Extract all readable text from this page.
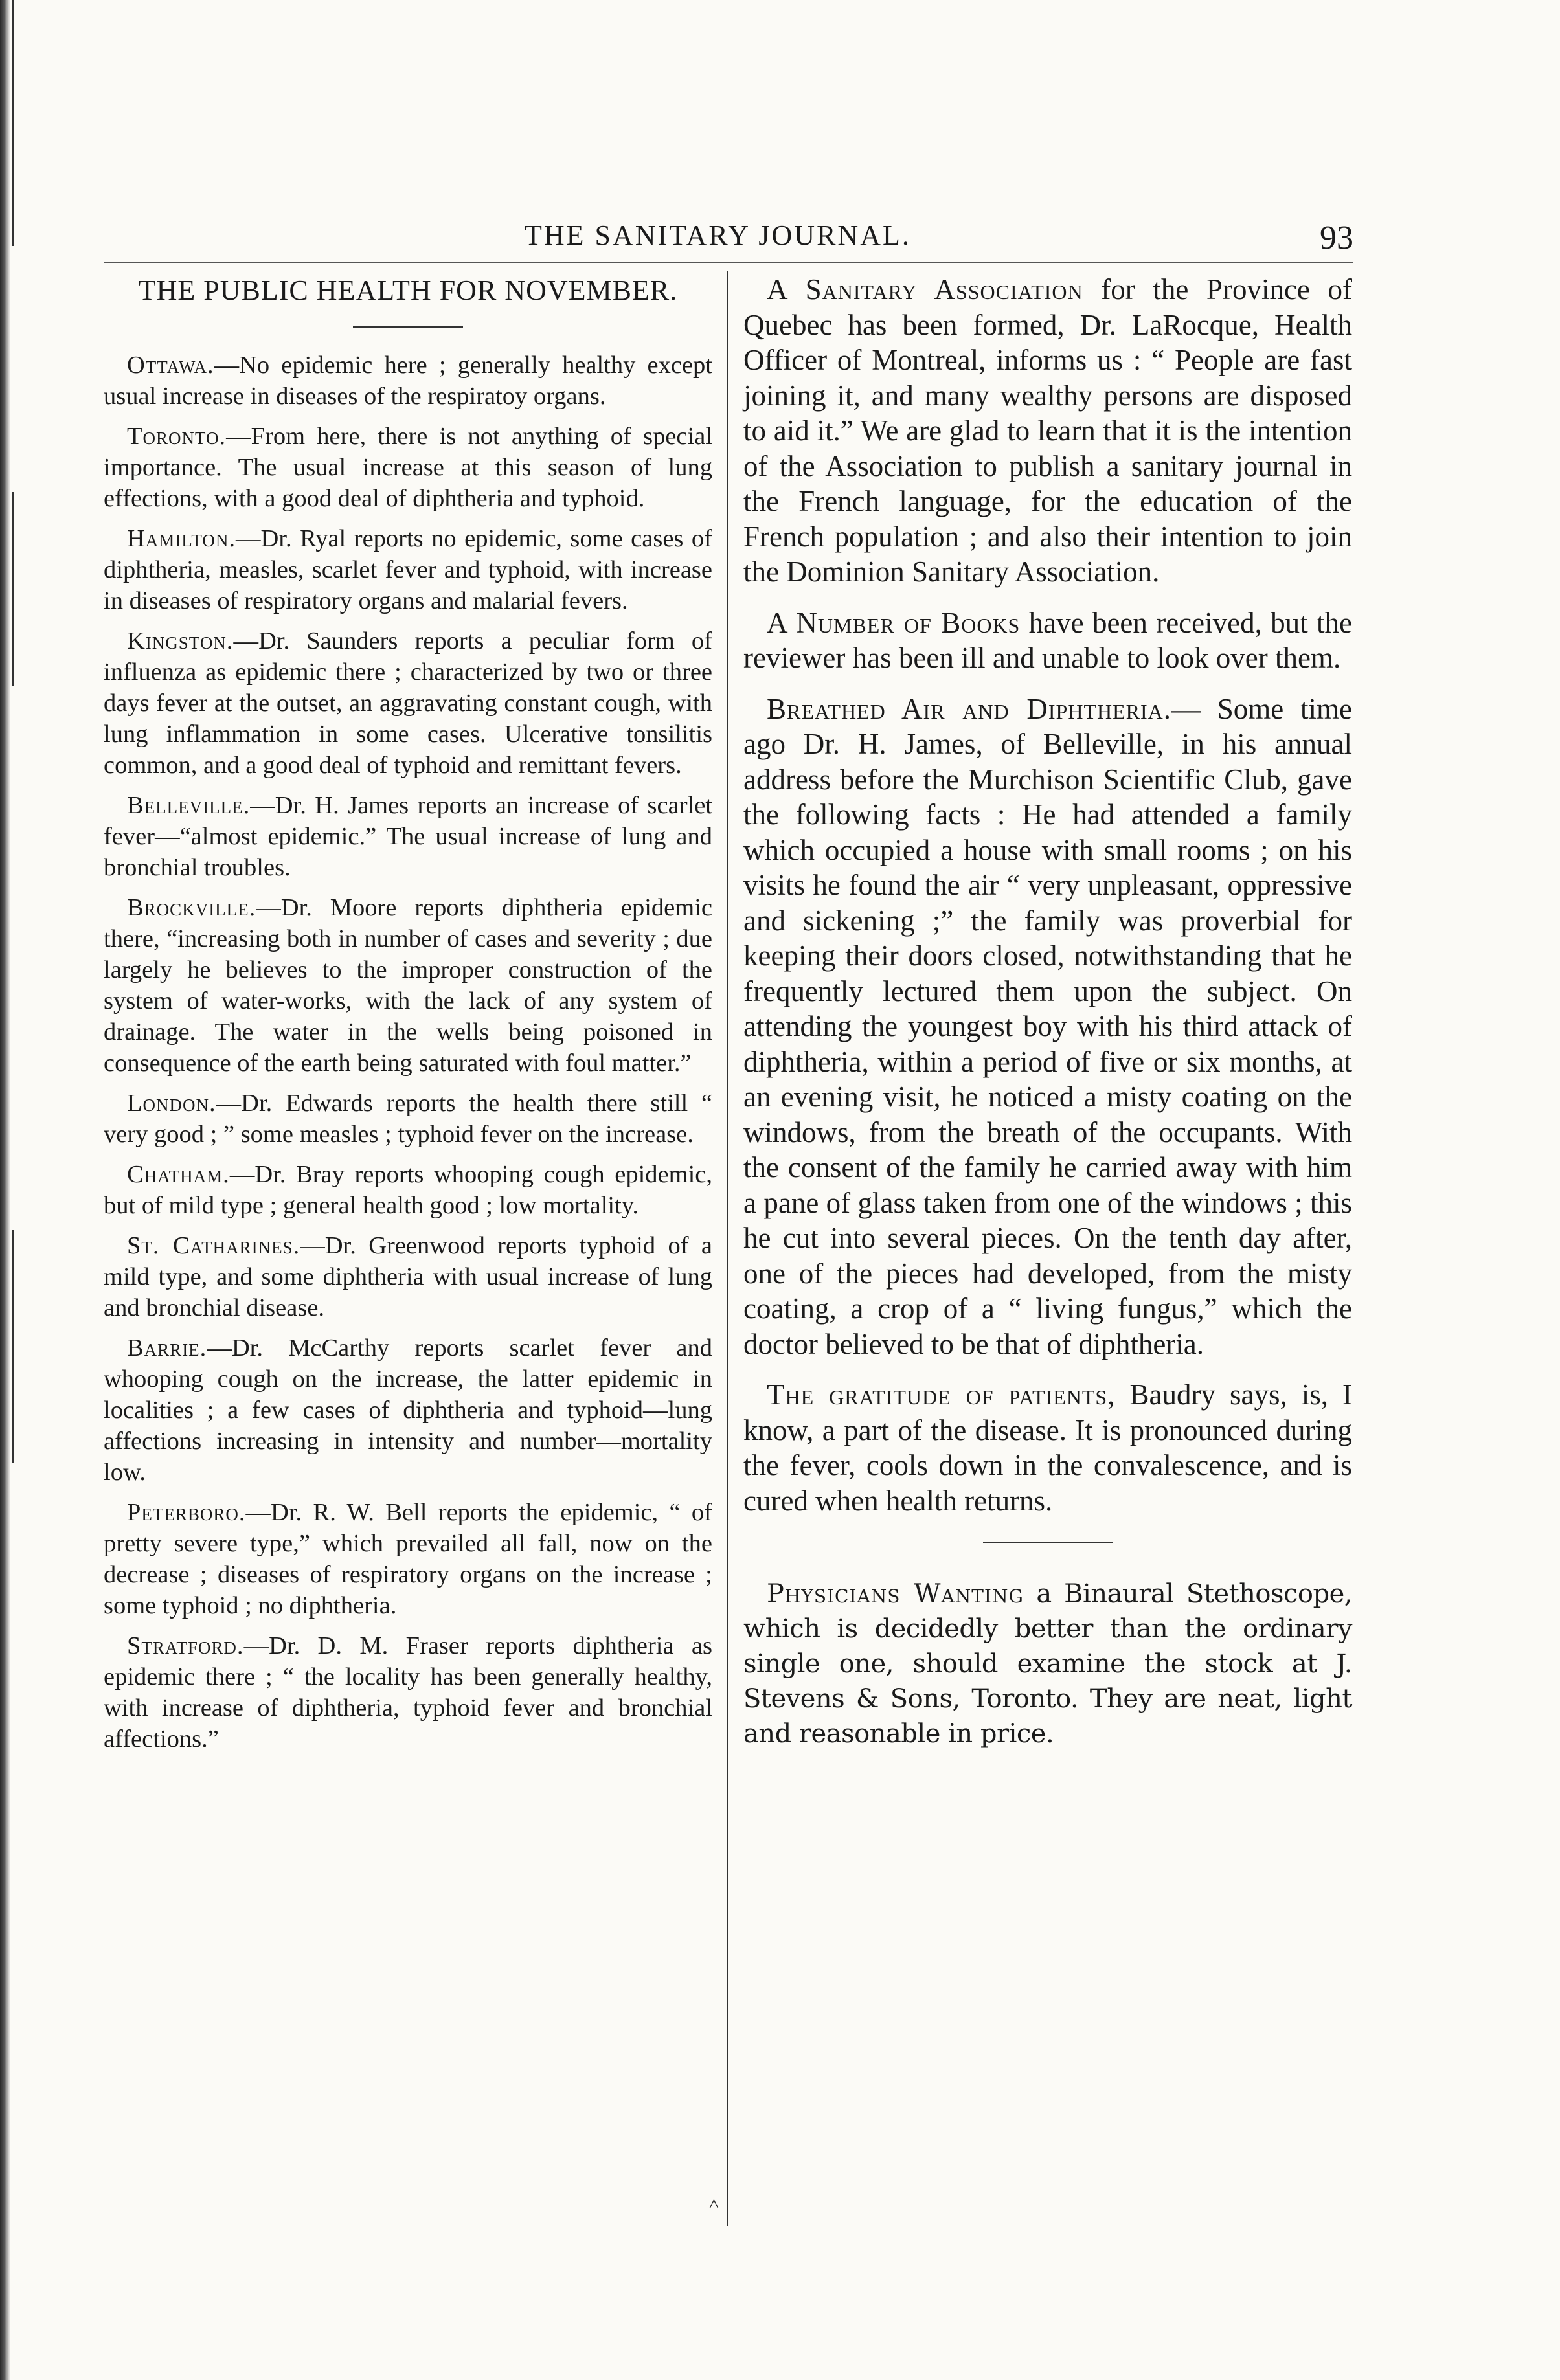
THE SANITARY JOURNAL.	93
THE PUBLIC HEALTH FOR NOVEMBER.

Ottawa.—No epidemic here ; generally healthy except usual increase in diseases of the respiratoy organs.

Toronto.—From here, there is not anything of special importance. The usual increase at this season of lung effections, with a good deal of diphtheria and typhoid.

Hamilton.—Dr. Ryal reports no epidemic, some cases of diphtheria, measles, scarlet fever and typhoid, with increase in diseases of respiratory organs and malarial fevers.

Kingston.—Dr. Saunders reports a peculiar form of influenza as epidemic there ; characterized by two or three days fever at the outset, an aggravating constant cough, with lung inflammation in some cases. Ulcerative tonsilitis common, and a good deal of typhoid and remittant fevers.

Belleville.—Dr. H. James reports an increase of scarlet fever—“almost epidemic.” The usual increase of lung and bronchial troubles.

Brockville.—Dr. Moore reports diphtheria epidemic there, “increasing both in number of cases and severity ; due largely he believes to the improper construction of the system of water-works, with the lack of any system of drainage. The water in the wells being poisoned in consequence of the earth being saturated with foul matter.”

London.—Dr. Edwards reports the health there still “ very good ; ” some measles ; typhoid fever on the increase.

Chatham.—Dr. Bray reports whooping cough epidemic, but of mild type ; general health good ; low mortality.

St. Catharines.—Dr. Greenwood reports typhoid of a mild type, and some diphtheria with usual increase of lung and bronchial disease.

Barrie.—Dr. McCarthy reports scarlet fever and whooping cough on the increase, the latter epidemic in localities ; a few cases of diphtheria and typhoid—lung affections increasing in intensity and number—mortality low.

Peterboro.—Dr. R. W. Bell reports the epidemic, “ of pretty severe type,” which prevailed all fall, now on the decrease ; diseases of respiratory organs on the increase ; some typhoid ; no diphtheria.

Stratford.—Dr. D. M. Fraser reports diphtheria as epidemic there ; “ the locality has been generally healthy, with increase of diphtheria, typhoid fever and bronchial affections.”

A Sanitary Association for the Province of Quebec has been formed, Dr. LaRocque, Health Officer of Montreal, informs us : “ People are fast joining it, and many wealthy persons are disposed to aid it.” We are glad to learn that it is the intention of the Association to publish a sanitary journal in the French language, for the education of the French population ; and also their intention to join the Dominion Sanitary Association.

A Number of Books have been received, but the reviewer has been ill and unable to look over them.

Breathed Air and Diphtheria.— Some time ago Dr. H. James, of Belleville, in his annual address before the Murchison Scientific Club, gave the following facts : He had attended a family which occupied a house with small rooms ; on his visits he found the air “ very unpleasant, oppressive and sickening ;” the family was proverbial for keeping their doors closed, notwithstanding that he frequently lectured them upon the subject. On attending the youngest boy with his third attack of diphtheria, within a period of five or six months, at an evening visit, he noticed a misty coating on the windows, from the breath of the occupants. With the consent of the family he carried away with him a pane of glass taken from one of the windows ; this he cut into several pieces. On the tenth day after, one of the pieces had developed, from the misty coating, a crop of a “ living fungus,” which the doctor believed to be that of diphtheria.

The gratitude of patients, Baudry says, is, I know, a part of the disease. It is pronounced during the fever, cools down in the convalescence, and is cured when health returns.

Physicians Wanting a Binaural Stethoscope, which is decidedly better than the ordinary single one, should examine the stock at J. Stevens & Sons, Toronto. They are neat, light and reasonable in price.

˄
